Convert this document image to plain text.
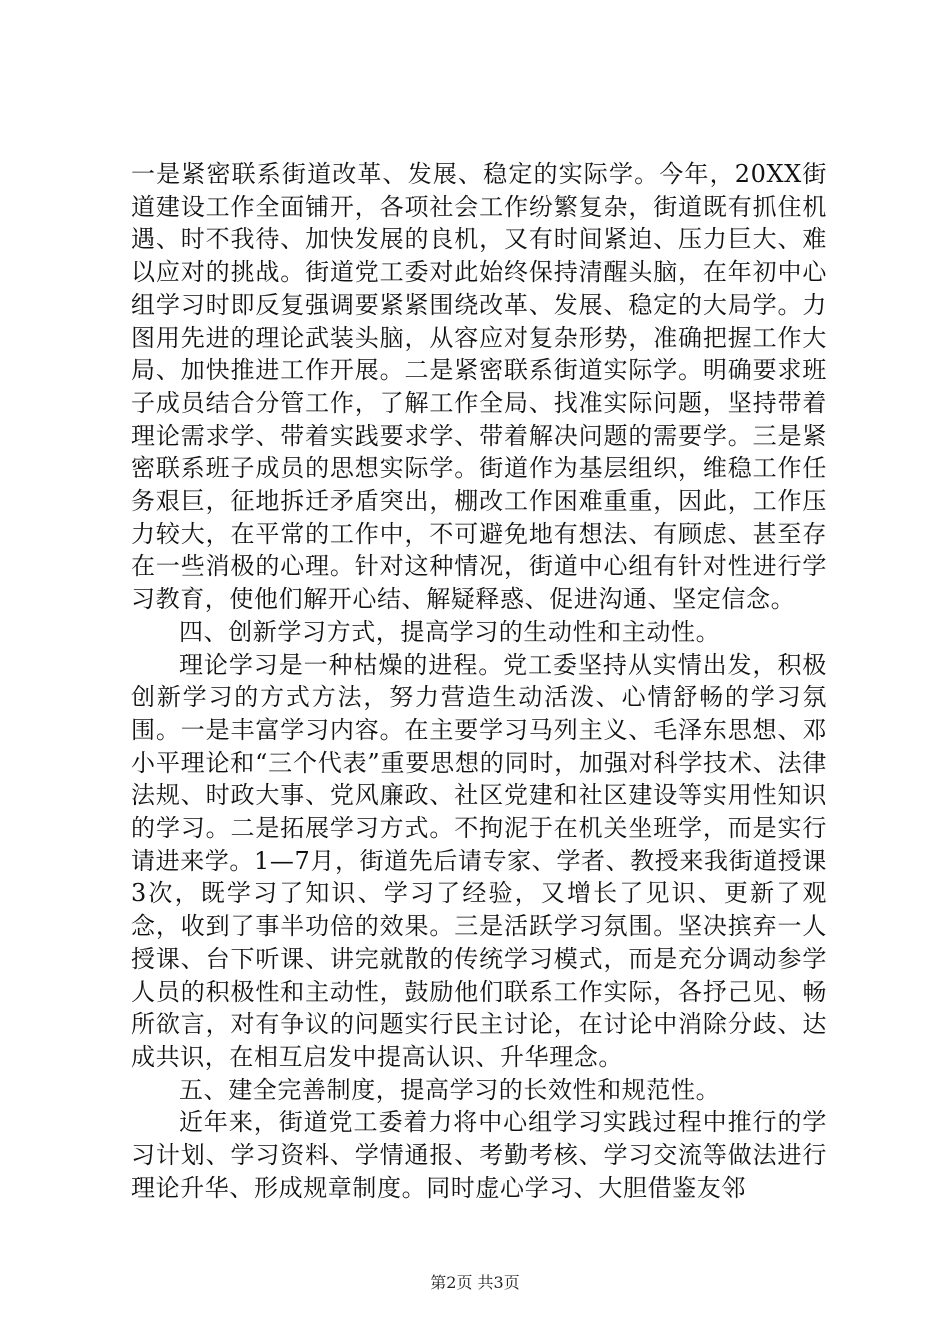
一是紧密联系街道改革、发展、稳定的实际学。今年，20XX街道建设工作全面铺开，各项社会工作纷繁复杂，街道既有抓住机遇、时不我待、加快发展的良机，又有时间紧迫、压力巨大、难以应对的挑战。街道党工委对此始终保持清醒头脑，在年初中心组学习时即反复强调要紧紧围绕改革、发展、稳定的大局学。力图用先进的理论武装头脑，从容应对复杂形势，准确把握工作大局、加快推进工作开展。二是紧密联系街道实际学。明确要求班子成员结合分管工作，了解工作全局、找准实际问题，坚持带着理论需求学、带着实践要求学、带着解决问题的需要学。三是紧密联系班子成员的思想实际学。街道作为基层组织，维稳工作任务艰巨，征地拆迁矛盾突出，棚改工作困难重重，因此，工作压力较大，在平常的工作中，不可避免地有想法、有顾虑、甚至存在一些消极的心理。针对这种情况，街道中心组有针对性进行学习教育，使他们解开心结、解疑释惑、促进沟通、坚定信念。

四、创新学习方式，提高学习的生动性和主动性。

理论学习是一种枯燥的进程。党工委坚持从实情出发，积极创新学习的方式方法，努力营造生动活泼、心情舒畅的学习氛围。一是丰富学习内容。在主要学习马列主义、毛泽东思想、邓小平理论和“三个代表”重要思想的同时，加强对科学技术、法律法规、时政大事、党风廉政、社区党建和社区建设等实用性知识的学习。二是拓展学习方式。不拘泥于在机关坐班学，而是实行请进来学。1—7月，街道先后请专家、学者、教授来我街道授课3次，既学习了知识、学习了经验，又增长了见识、更新了观念，收到了事半功倍的效果。三是活跃学习氛围。坚决摈弃一人授课、台下听课、讲完就散的传统学习模式，而是充分调动参学人员的积极性和主动性，鼓励他们联系工作实际，各抒己见、畅所欲言，对有争议的问题实行民主讨论，在讨论中消除分歧、达成共识，在相互启发中提高认识、升华理念。

五、建全完善制度，提高学习的长效性和规范性。

近年来，街道党工委着力将中心组学习实践过程中推行的学习计划、学习资料、学情通报、考勤考核、学习交流等做法进行理论升华、形成规章制度。同时虚心学习、大胆借鉴友邻

第2页 共3页
